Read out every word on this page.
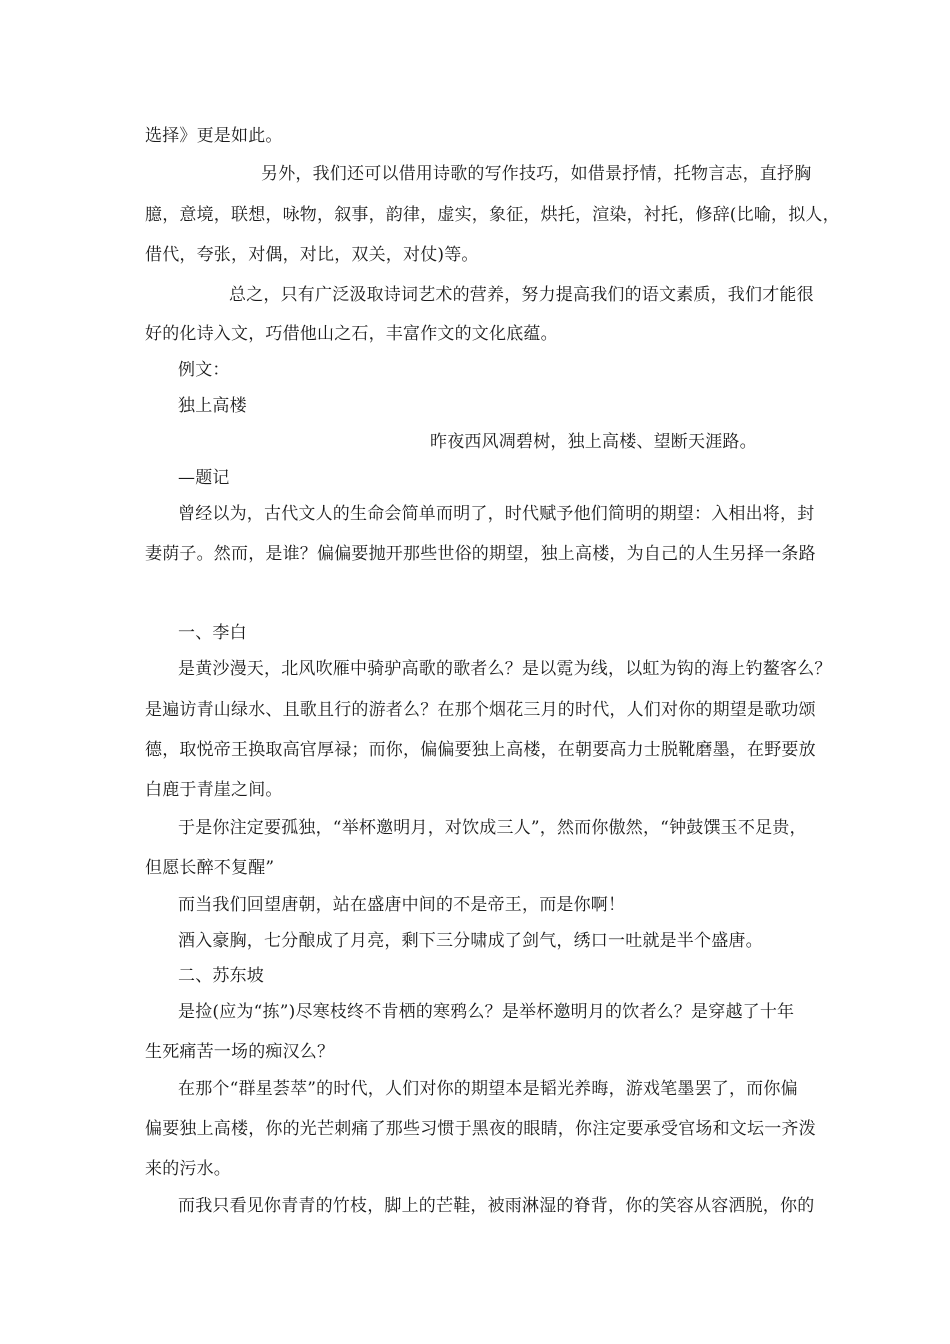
选择》更是如此。
另外，我们还可以借用诗歌的写作技巧，如借景抒情，托物言志，直抒胸
臆，意境，联想，咏物，叙事，韵律，虚实，象征，烘托，渲染，衬托，修辞(比喻，拟人，
借代，夸张，对偶，对比，双关，对仗)等。
总之，只有广泛汲取诗词艺术的营养，努力提高我们的语文素质，我们才能很
好的化诗入文，巧借他山之石，丰富作文的文化底蕴。
例文：
独上高楼
昨夜西风凋碧树，独上高楼、望断天涯路。
—题记
曾经以为，古代文人的生命会简单而明了，时代赋予他们简明的期望：入相出将，封
妻荫子。然而，是谁？偏偏要抛开那些世俗的期望，独上高楼，为自己的人生另择一条路
一、李白
是黄沙漫天，北风吹雁中骑驴高歌的歌者么？是以霓为线，以虹为钩的海上钓鳌客么？
是遍访青山绿水、且歌且行的游者么？在那个烟花三月的时代，人们对你的期望是歌功颂
德，取悦帝王换取高官厚禄；而你，偏偏要独上高楼，在朝要高力士脱靴磨墨，在野要放
白鹿于青崖之间。
于是你注定要孤独，“举杯邀明月，对饮成三人”，然而你傲然，“钟鼓馔玉不足贵，
但愿长醉不复醒”
而当我们回望唐朝，站在盛唐中间的不是帝王，而是你啊！
酒入豪胸，七分酿成了月亮，剩下三分啸成了剑气，绣口一吐就是半个盛唐。
二、苏东坡
是捡(应为“拣”)尽寒枝终不肯栖的寒鸦么？是举杯邀明月的饮者么？是穿越了十年
生死痛苦一场的痴汉么？
在那个“群星荟萃”的时代，人们对你的期望本是韬光养晦，游戏笔墨罢了，而你偏
偏要独上高楼，你的光芒刺痛了那些习惯于黑夜的眼睛，你注定要承受官场和文坛一齐泼
来的污水。
而我只看见你青青的竹枝，脚上的芒鞋，被雨淋湿的脊背，你的笑容从容洒脱，你的
